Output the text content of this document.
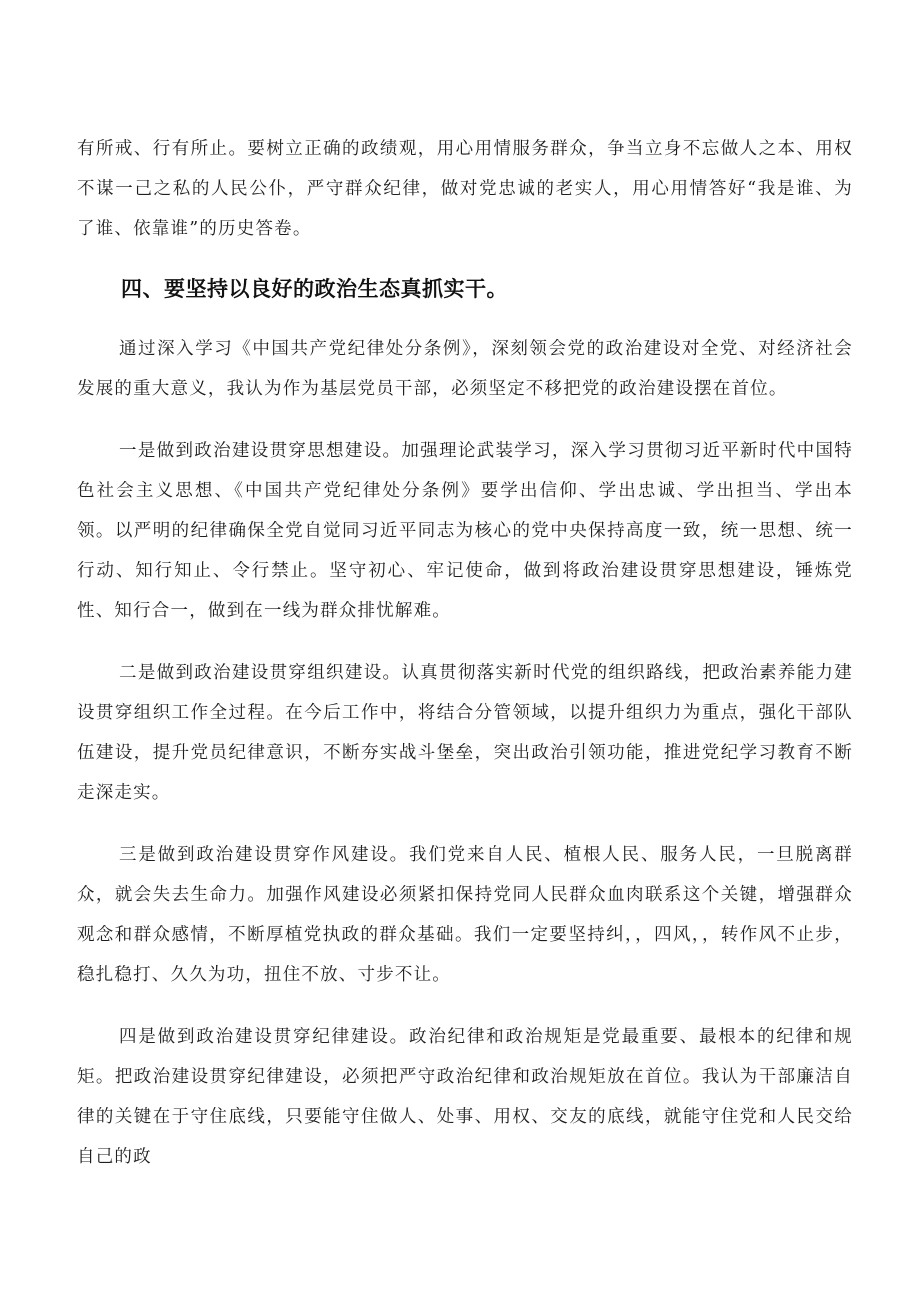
有所戒、行有所止。要树立正确的政绩观，用心用情服务群众，争当立身不忘做人之本、用权不谋一己之私的人民公仆，严守群众纪律，做对党忠诚的老实人，用心用情答好“我是谁、为了谁、依靠谁”的历史答卷。

四、要坚持以良好的政治生态真抓实干。

通过深入学习《中国共产党纪律处分条例》，深刻领会党的政治建设对全党、对经济社会发展的重大意义，我认为作为基层党员干部，必须坚定不移把党的政治建设摆在首位。

一是做到政治建设贯穿思想建设。加强理论武装学习，深入学习贯彻习近平新时代中国特色社会主义思想、《中国共产党纪律处分条例》要学出信仰、学出忠诚、学出担当、学出本领。以严明的纪律确保全党自觉同习近平同志为核心的党中央保持高度一致，统一思想、统一行动、知行知止、令行禁止。坚守初心、牢记使命，做到将政治建设贯穿思想建设，锤炼党性、知行合一，做到在一线为群众排忧解难。

二是做到政治建设贯穿组织建设。认真贯彻落实新时代党的组织路线，把政治素养能力建设贯穿组织工作全过程。在今后工作中，将结合分管领域，以提升组织力为重点，强化干部队伍建设，提升党员纪律意识，不断夯实战斗堡垒，突出政治引领功能，推进党纪学习教育不断走深走实。

三是做到政治建设贯穿作风建设。我们党来自人民、植根人民、服务人民，一旦脱离群众，就会失去生命力。加强作风建设必须紧扣保持党同人民群众血肉联系这个关键，增强群众观念和群众感情，不断厚植党执政的群众基础。我们一定要坚持纠，，四风，，转作风不止步，稳扎稳打、久久为功，扭住不放、寸步不让。

四是做到政治建设贯穿纪律建设。政治纪律和政治规矩是党最重要、最根本的纪律和规矩。把政治建设贯穿纪律建设，必须把严守政治纪律和政治规矩放在首位。我认为干部廉洁自律的关键在于守住底线，只要能守住做人、处事、用权、交友的底线，就能守住党和人民交给自己的政
